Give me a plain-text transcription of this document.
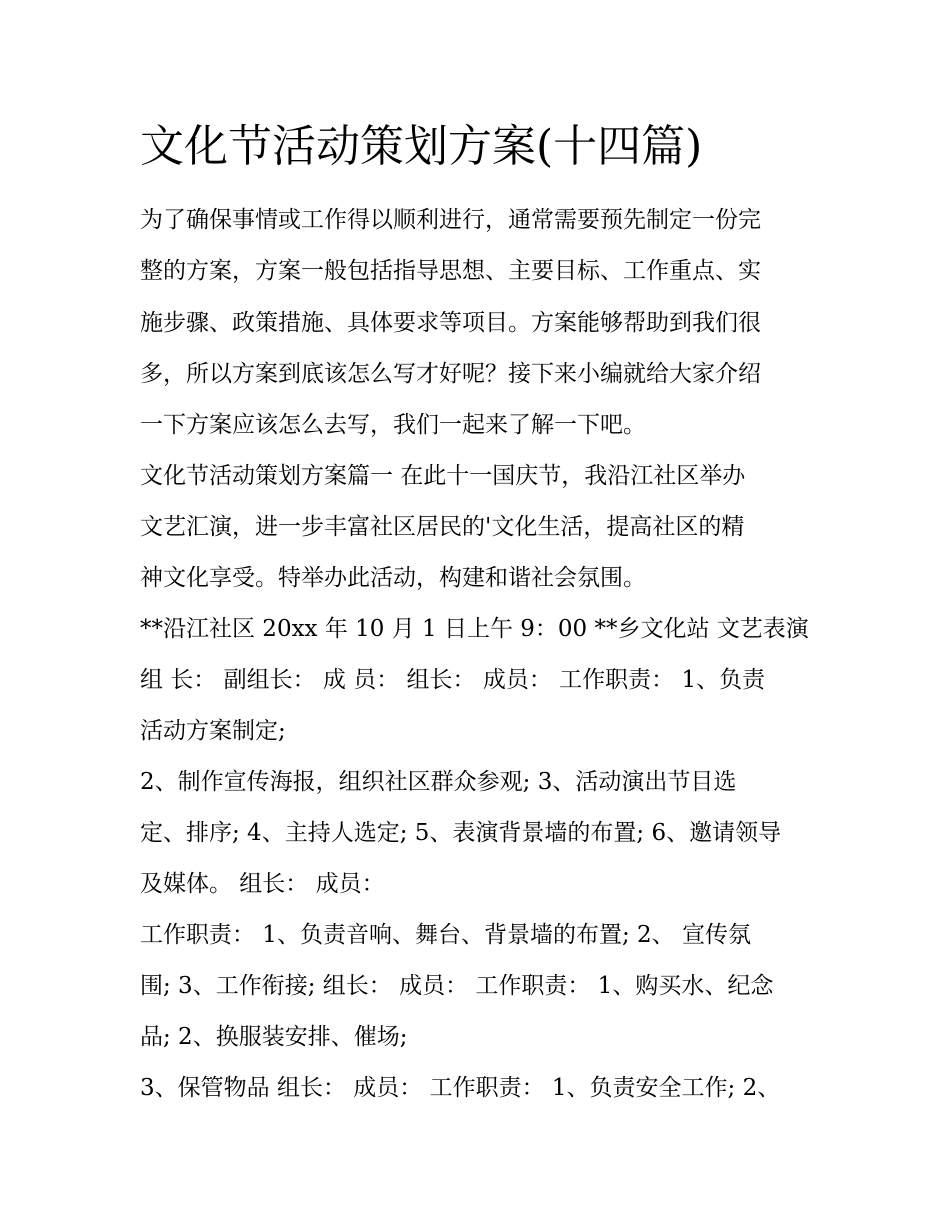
文化节活动策划方案(十四篇)

为了确保事情或工作得以顺利进行，通常需要预先制定一份完

整的方案，方案一般包括指导思想、主要目标、工作重点、实

施步骤、政策措施、具体要求等项目。方案能够帮助到我们很

多，所以方案到底该怎么写才好呢？接下来小编就给大家介绍

一下方案应该怎么去写，我们一起来了解一下吧。

文化节活动策划方案篇一 在此十一国庆节，我沿江社区举办

文艺汇演，进一步丰富社区居民的'文化生活，提高社区的精

神文化享受。特举办此活动，构建和谐社会氛围。

**沿江社区 20xx 年 10 月 1 日上午 9：00 **乡文化站 文艺表演

组 长： 副组长： 成 员： 组长： 成员： 工作职责： 1、负责

活动方案制定;

2、制作宣传海报，组织社区群众参观; 3、活动演出节目选

定、排序; 4、主持人选定; 5、表演背景墙的布置; 6、邀请领导

及媒体。 组长： 成员：

工作职责： 1、负责音响、舞台、背景墙的布置; 2、 宣传氛

围; 3、工作衔接; 组长： 成员： 工作职责： 1、购买水、纪念

品; 2、换服装安排、催场;

3、保管物品 组长： 成员： 工作职责： 1、负责安全工作; 2、
